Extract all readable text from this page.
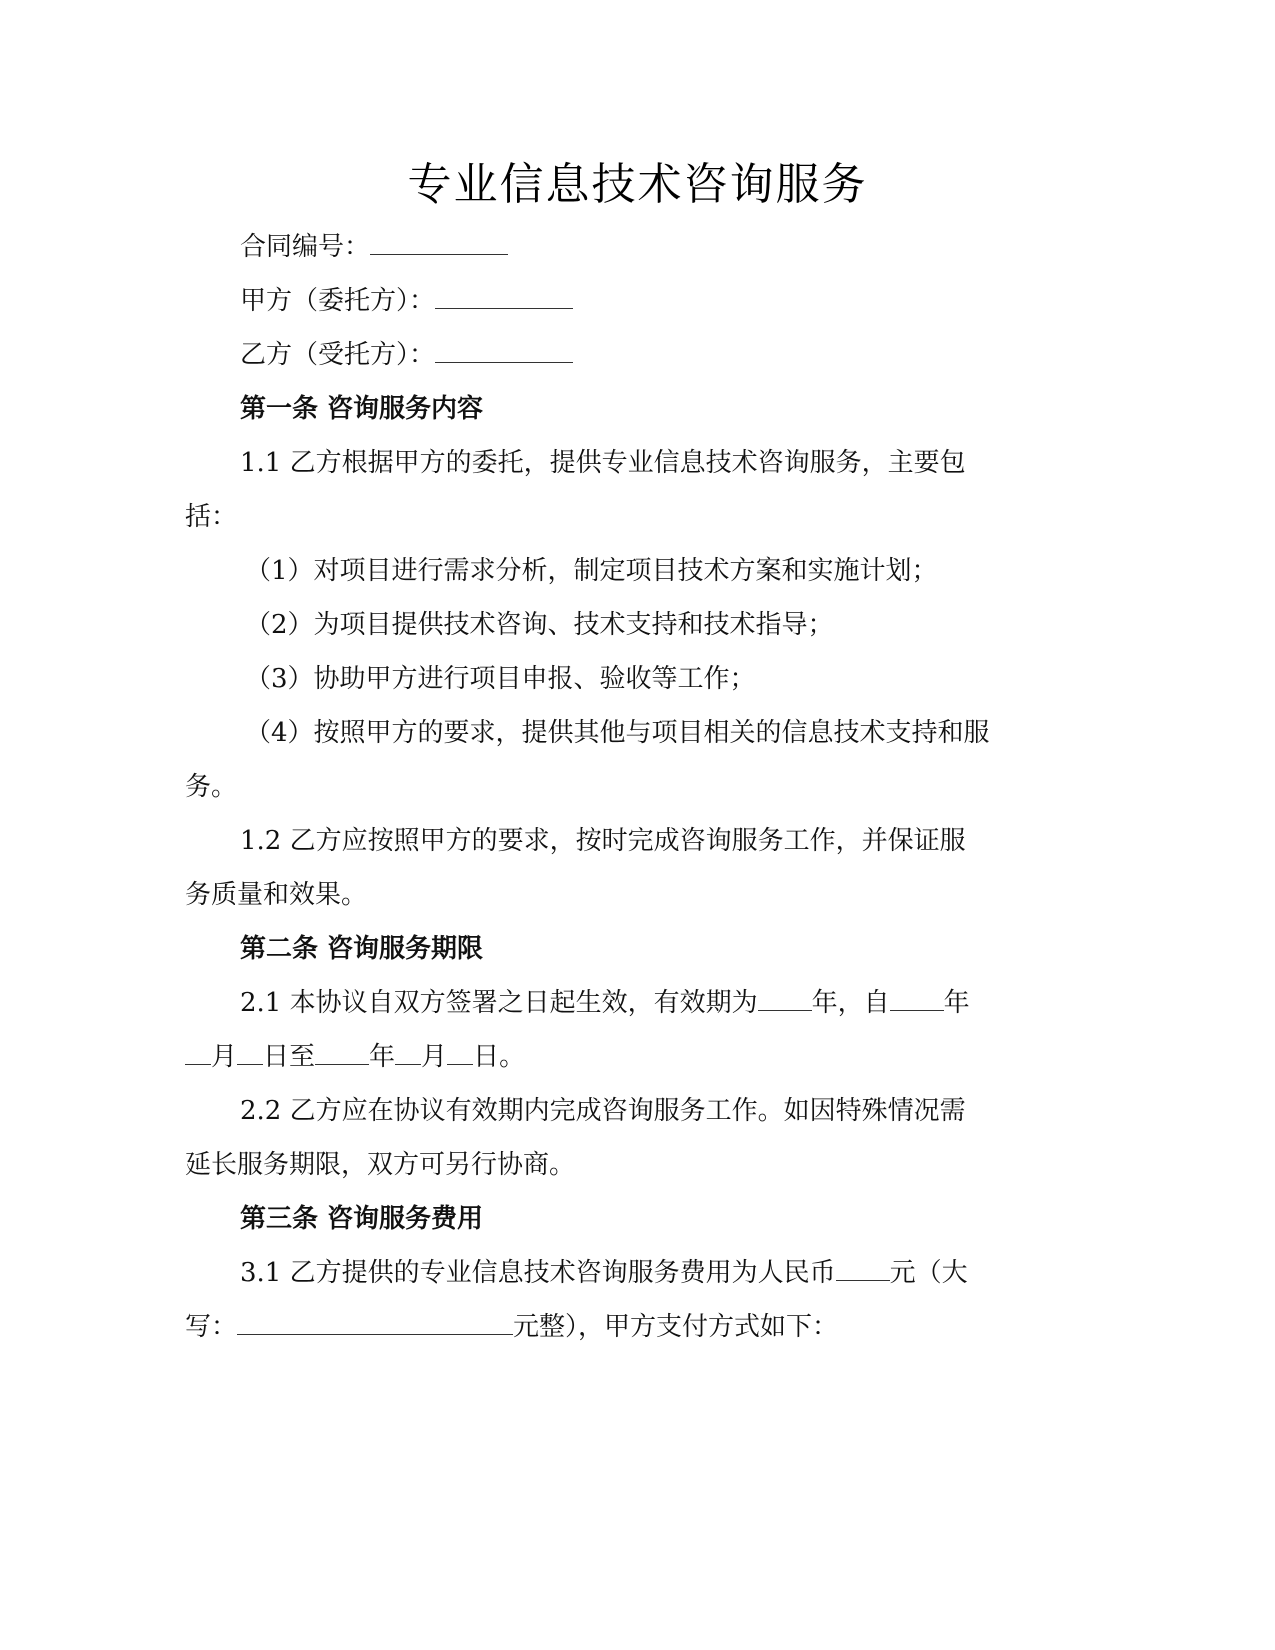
专业信息技术咨询服务
合同编号：
甲方（委托方）：
乙方（受托方）：
第一条 咨询服务内容
1.1 乙方根据甲方的委托，提供专业信息技术咨询服务，主要包
括：
（1）对项目进行需求分析，制定项目技术方案和实施计划；
（2）为项目提供技术咨询、技术支持和技术指导；
（3）协助甲方进行项目申报、验收等工作；
（4）按照甲方的要求，提供其他与项目相关的信息技术支持和服
务。
1.2 乙方应按照甲方的要求，按时完成咨询服务工作，并保证服
务质量和效果。
第二条 咨询服务期限
2.1 本协议自双方签署之日起生效，有效期为 年，自 年
月 日至 年 月 日。
2.2 乙方应在协议有效期内完成咨询服务工作。如因特殊情况需
延长服务期限，双方可另行协商。
第三条 咨询服务费用
3.1 乙方提供的专业信息技术咨询服务费用为人民币 元（大
写：	元整），甲方支付方式如下：
